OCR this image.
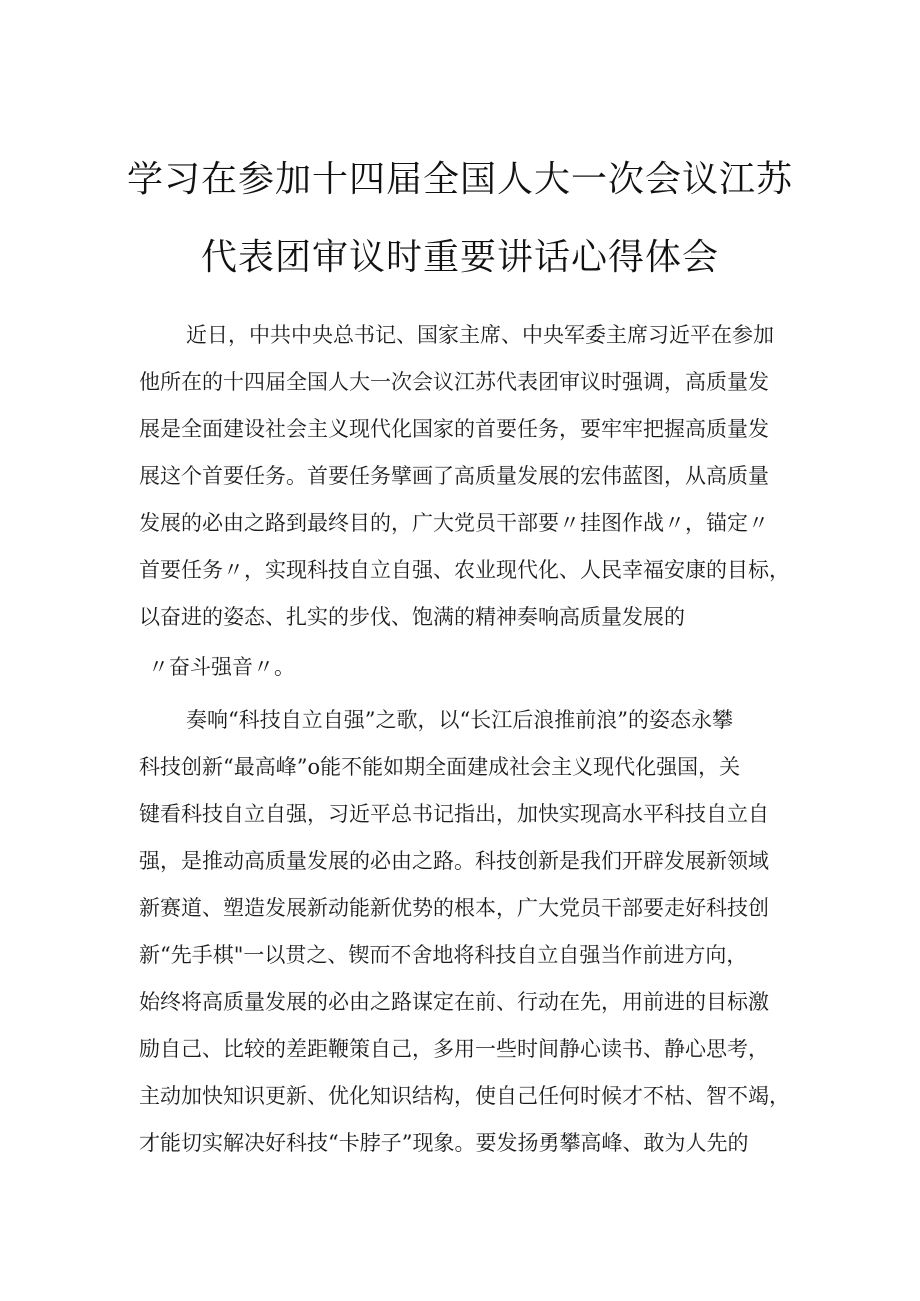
学习在参加十四届全国人大一次会议江苏
代表团审议时重要讲话心得体会
近日，中共中央总书记、国家主席、中央军委主席习近平在参加
他所在的十四届全国人大一次会议江苏代表团审议时强调，高质量发
展是全面建设社会主义现代化国家的首要任务，要牢牢把握高质量发
展这个首要任务。首要任务擘画了高质量发展的宏伟蓝图，从高质量
发展的必由之路到最终目的，广大党员干部要〃挂图作战〃，锚定〃
首要任务〃，实现科技自立自强、农业现代化、人民幸福安康的目标，
以奋进的姿态、扎实的步伐、饱满的精神奏响高质量发展的
〃奋斗强音〃。
奏响“科技自立自强”之歌，以“长江后浪推前浪”的姿态永攀
科技创新“最高峰”o能不能如期全面建成社会主义现代化强国，关
键看科技自立自强，习近平总书记指出，加快实现高水平科技自立自
强，是推动高质量发展的必由之路。科技创新是我们开辟发展新领域
新赛道、塑造发展新动能新优势的根本，广大党员干部要走好科技创
新“先手棋"一以贯之、锲而不舍地将科技自立自强当作前进方向，
始终将高质量发展的必由之路谋定在前、行动在先，用前进的目标激
励自己、比较的差距鞭策自己，多用一些时间静心读书、静心思考，
主动加快知识更新、优化知识结构，使自己任何时候才不枯、智不竭，
才能切实解决好科技“卡脖子”现象。要发扬勇攀高峰、敢为人先的
